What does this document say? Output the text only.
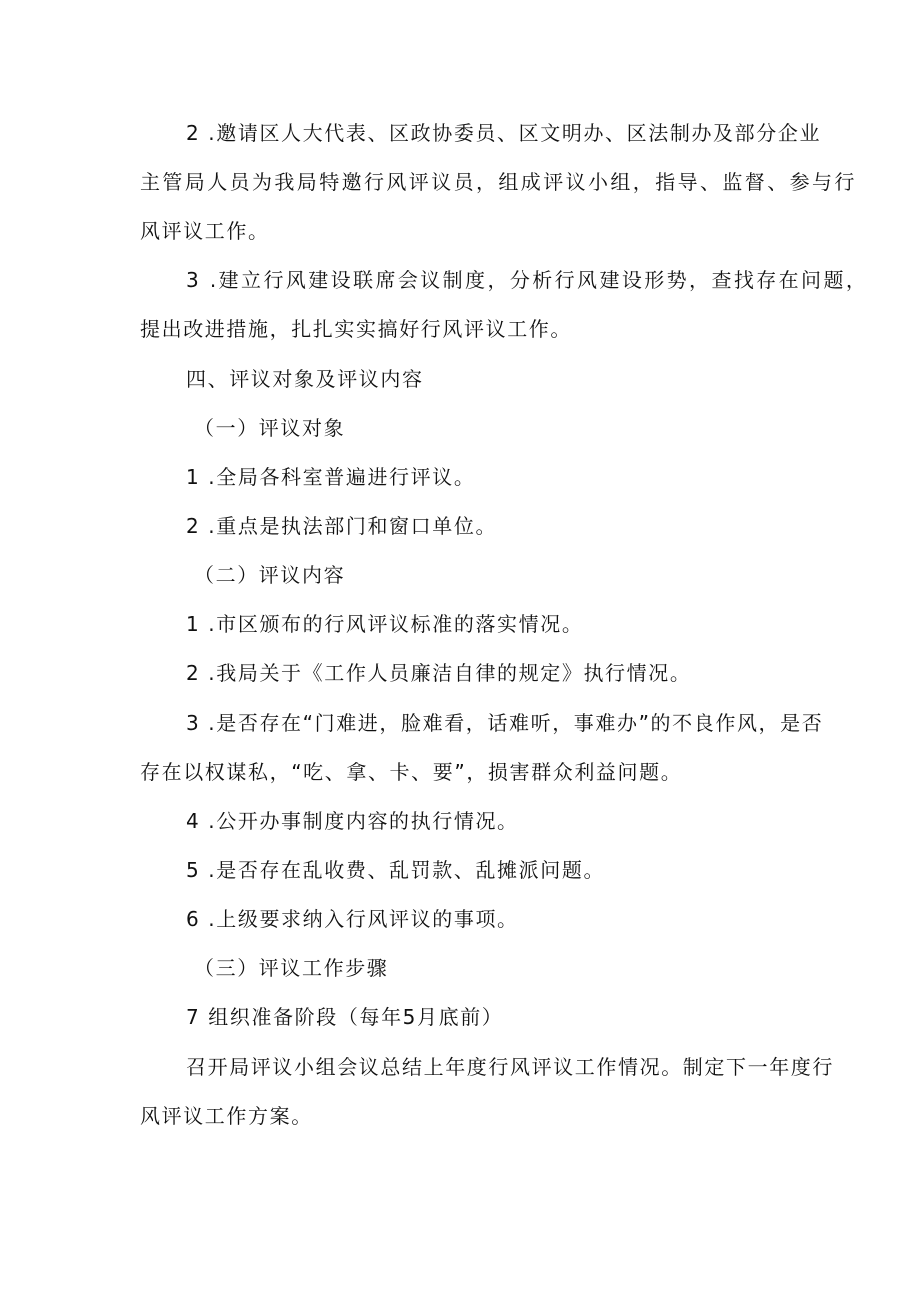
2 .邀请区人大代表、区政协委员、区文明办、区法制办及部分企业
主管局人员为我局特邀行风评议员，组成评议小组，指导、监督、参与行
风评议工作。
3 .建立行风建设联席会议制度，分析行风建设形势，查找存在问题，
提出改进措施，扎扎实实搞好行风评议工作。
四、评议对象及评议内容
（一）评议对象
1 .全局各科室普遍进行评议。
2 .重点是执法部门和窗口单位。
（二）评议内容
1 .市区颁布的行风评议标准的落实情况。
2 .我局关于《工作人员廉洁自律的规定》执行情况。
3 .是否存在“门难进，脸难看，话难听，事难办”的不良作风，是否
存在以权谋私，“吃、拿、卡、要”，损害群众利益问题。
4 .公开办事制度内容的执行情况。
5 .是否存在乱收费、乱罚款、乱摊派问题。
6 .上级要求纳入行风评议的事项。
（三）评议工作步骤
7 组织准备阶段（每年5月底前）
召开局评议小组会议总结上年度行风评议工作情况。制定下一年度行
风评议工作方案。
